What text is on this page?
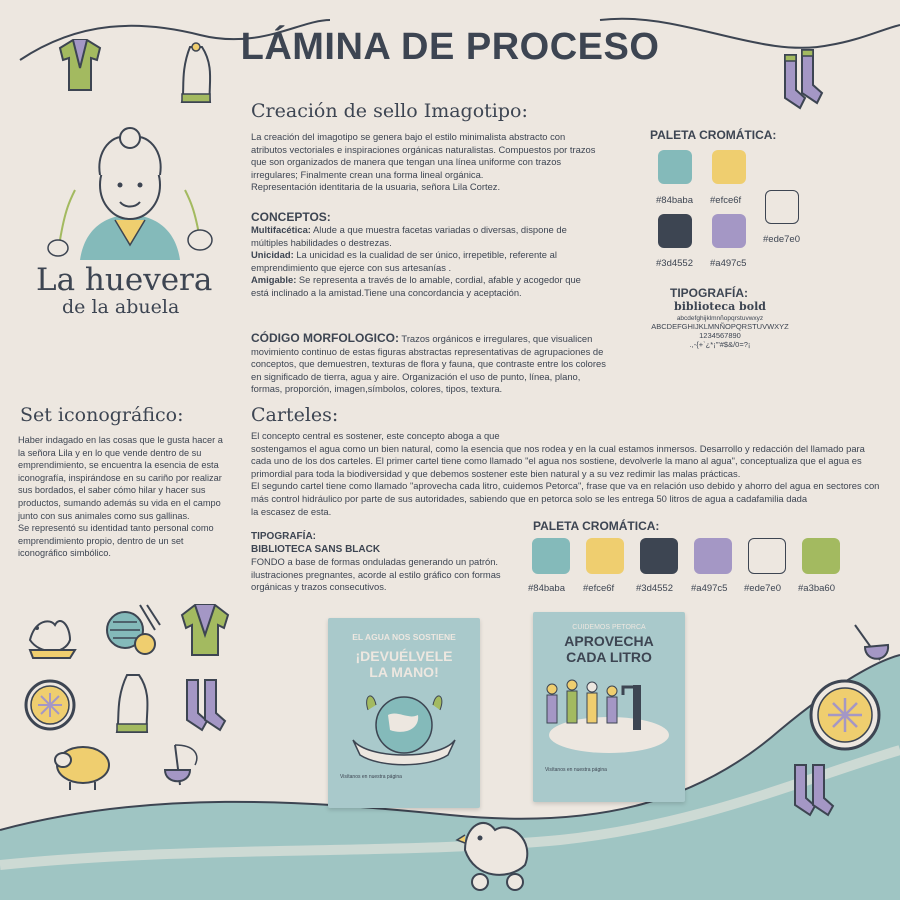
LÁMINA DE PROCESO
La huevera
de la abuela
Creación de sello Imagotipo:
La creación del imagotipo se genera bajo el estilo minimalista abstracto con atributos vectoriales e inspiraciones orgánicas naturalistas. Compuestos por trazos que son organizados de manera que tengan una línea uniforme con trazos irregulares; Finalmente crean una forma lineal orgánica.
Representación identitaria de la usuaria, señora Lila Cortez.
CONCEPTOS:
Multifacética: Alude a que muestra facetas variadas o diversas, dispone de múltiples habilidades o destrezas.
Unicidad: La unicidad es la cualidad de ser único, irrepetible, referente al emprendimiento que ejerce con sus artesanías .
Amigable: Se representa a través de lo amable, cordial, afable y acogedor que está inclinado a la amistad.Tiene una concordancia y aceptación.
CÓDIGO MORFOLOGICO: Trazos orgánicos e irregulares, que visualicen movimiento continuo de estas figuras abstractas representativas de agrupaciones de conceptos, que demuestren, texturas de flora y fauna, que contraste entre los colores en significado de tierra, agua y aire. Organización el uso de punto, línea, plano, formas, proporción, imagen,símbolos, colores, tipos, textura.
PALETA CROMÁTICA:
#84baba #efce6f
#3d4552 #a497c5
#ede7e0
TIPOGRAFÍA:
biblioteca bold
abcdefghijklmnñopqrstuvwxyz
ABCDEFGHIJKLMNÑOPQRSTUVWXYZ
1234567890
.,-{+`¿*¡'"#$&/0=?¡
Set iconográfico:
Haber indagado en las cosas que le gusta hacer a la señora Lila y en lo que vende dentro de su emprendimiento, se encuentra la esencia de esta iconografía, inspirándose en su cariño por realizar sus bordados, el saber cómo hilar y hacer sus productos, sumando además su vida en el campo junto con sus animales como sus gallinas.
Se representó su identidad tanto personal como emprendimiento propio, dentro de un set iconográfico simbólico.
Carteles:
El concepto central es sostener, este concepto aboga a que
sostengamos el agua como un bien natural, como la esencia que nos rodea y en la cual estamos inmersos. Desarrollo y redacción del llamado para cada uno de los dos carteles. El primer cartel tiene como llamado "el agua nos sostiene, devolverle la mano al agua", conceptualiza que el agua es primordial para toda la biodiversidad y que debemos sostener este bien natural y a su vez redimir las malas prácticas.
El segundo cartel tiene como llamado "aprovecha cada litro, cuidemos Petorca", frase que va en relación uso debido y ahorro del agua en sectores con más control hidráulico por parte de sus autoridades, sabiendo que en petorca solo se les entrega 50 litros de agua a cadafamilia dada
la escasez de esta.
TIPOGRAFÍA:
BIBLIOTECA SANS BLACK
FONDO a base de formas onduladas generando un patrón. ilustraciones pregnantes, acorde al estilo gráfico con formas orgánicas y trazos consecutivos.
PALETA CROMÁTICA:
#84baba #efce6f #3d4552 #a497c5 #ede7e0 #a3ba60
EL AGUA NOS SOSTIENE
¡DEVUÉLVELE
LA MANO!
Visítanos en nuestra página
CUIDEMOS PETORCA
APROVECHA
CADA LITRO
Visítanos en nuestra página
